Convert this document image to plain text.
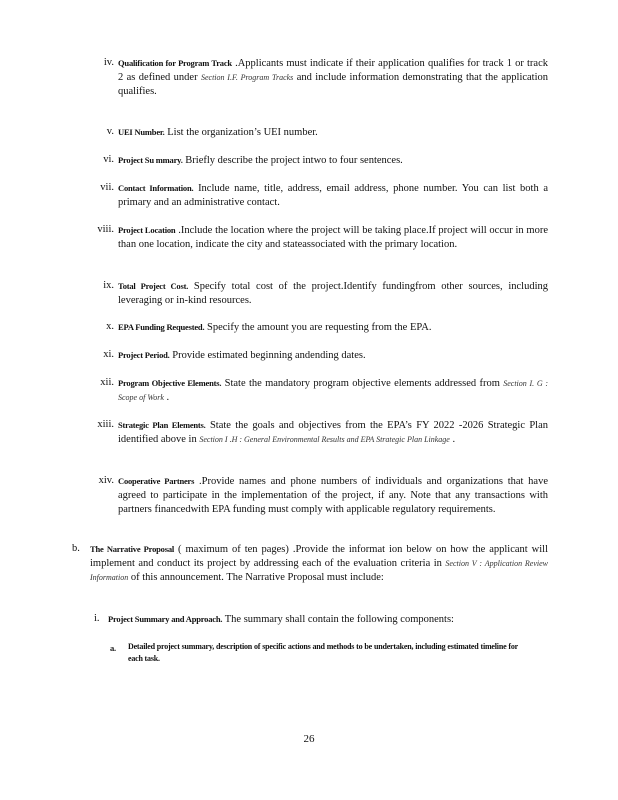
iv. Qualification for Program Track .Applicants must indicate if their application qualifies for track 1 or track 2 as defined under Section I.F. Program Tracks and include information demonstrating that the application qualifies.
v. UEI Number. List the organization’s UEI number.
vi. Project Su mmary. Briefly describe the project intwo to four sentences.
vii. Contact Information. Include name, title, address, email address, phone number. You can list both a primary and an administrative contact.
viii. Project Location .Include the location where the project will be taking place.If project will occur in more than one location, indicate the city and stateassociated with the primary location.
ix. Total Project Cost. Specify total cost of the project.Identify fundingfrom other sources, including leveraging or in-kind resources.
x. EPA Funding Requested. Specify the amount you are requesting from the EPA.
xi. Project Period. Provide estimated beginning andending dates.
xii. Program Objective Elements. State the mandatory program objective elements addressed from Section I. G : Scope of Work .
xiii. Strategic Plan Elements. State the goals and objectives from the EPA’s FY 2022 -2026 Strategic Plan identified above in Section I .H : General Environmental Results and EPA Strategic Plan Linkage .
xiv. Cooperative Partners .Provide names and phone numbers of individuals and organizations that have agreed to participate in the implementation of the project, if any. Note that any transactions with partners financedwith EPA funding must comply with applicable regulatory requirements.
b. The Narrative Proposal ( maximum of ten pages) .Provide the informat ion below on how the applicant will implement and conduct its project by addressing each of the evaluation criteria in Section V : Application Review Information of this announcement. The Narrative Proposal must include:
i. Project Summary and Approach. The summary shall contain the following components:
a. Detailed project summary, description of specific actions and methods to be undertaken, including estimated timeline for each task.
26
